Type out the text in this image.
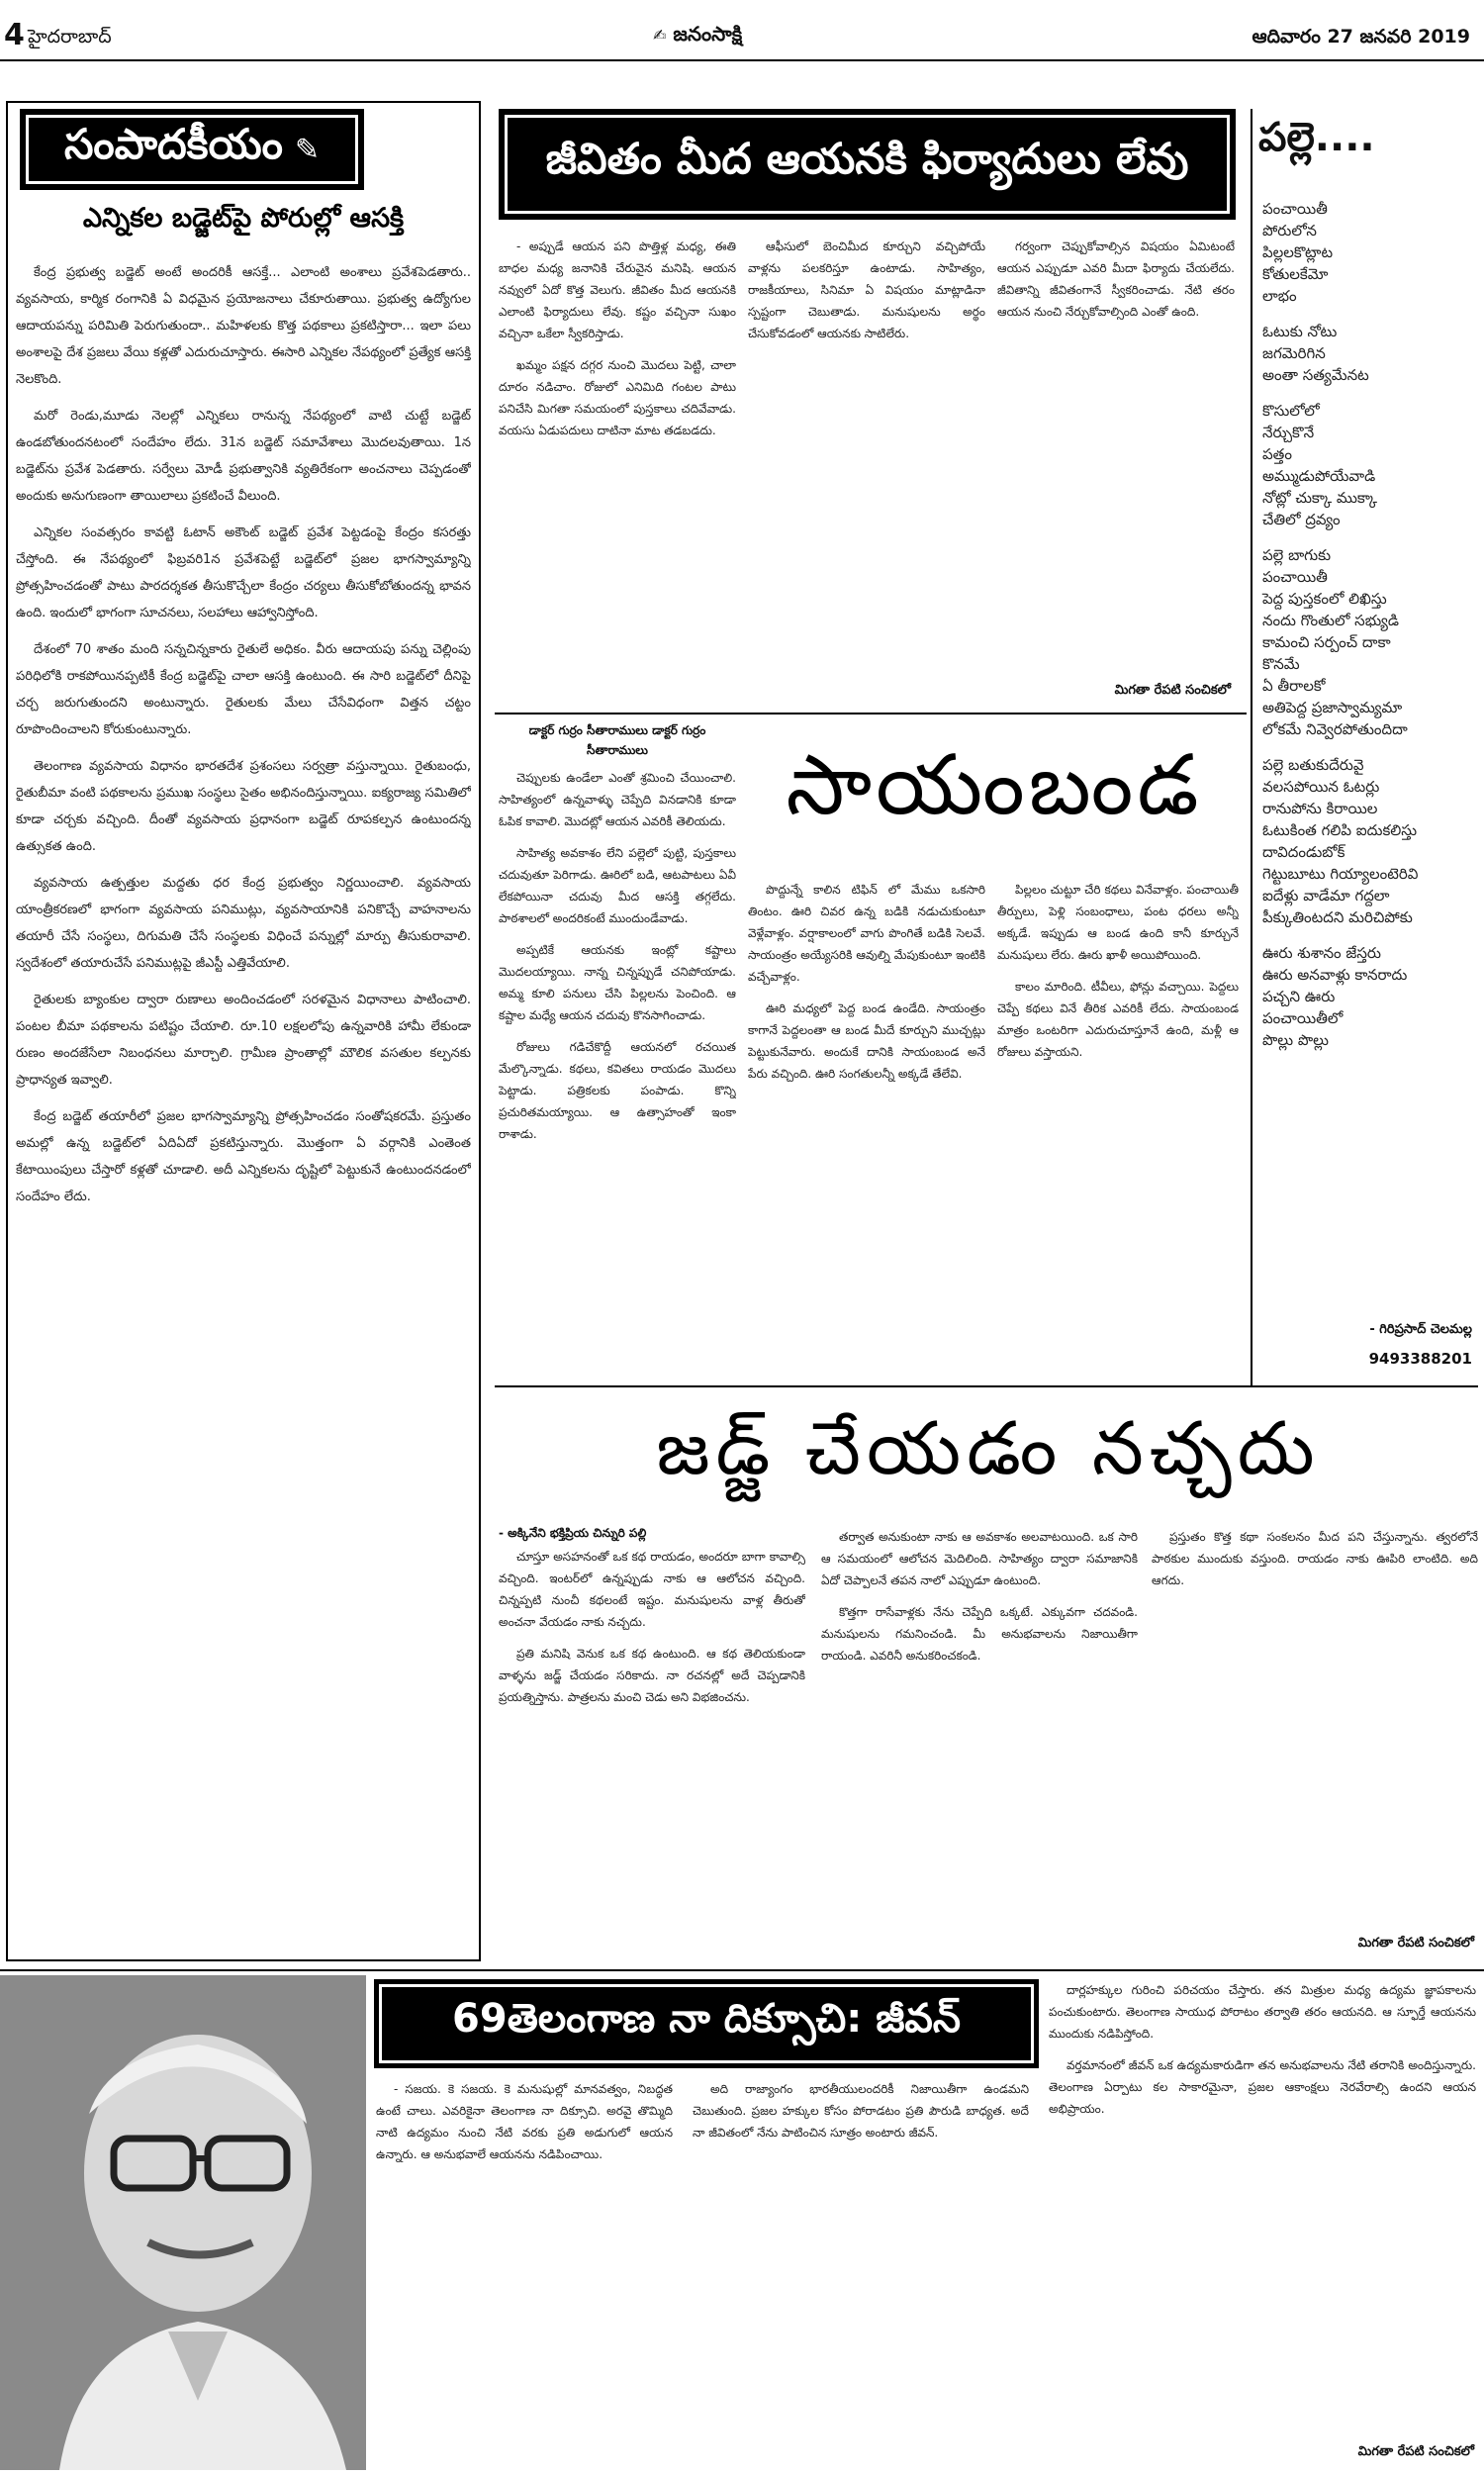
4 హైదరాబాద్	✍ జనంసాక్షి	ఆదివారం 27 జనవరి 2019
సంపాదకీయం ✎
ఎన్నికల బడ్జెట్‌పై పోరుల్లో ఆసక్తి

కేంద్ర ప్రభుత్వ బడ్జెట్ అంటే అందరికీ ఆసక్తే... ఎలాంటి అంశాలు ప్రవేశపెడతారు.. వ్యవసాయ, కార్మిక రంగానికి ఏ విధమైన ప్రయోజనాలు చేకూరుతాయి. ప్రభుత్వ ఉద్యోగుల ఆదాయపన్ను పరిమితి పెరుగుతుందా.. మహిళలకు కొత్త పథకాలు ప్రకటిస్తారా... ఇలా పలు అంశాలపై దేశ ప్రజలు వేయి కళ్లతో ఎదురుచూస్తారు. ఈసారి ఎన్నికల నేపథ్యంలో ప్రత్యేక ఆసక్తి నెలకొంది.

మరో రెండు,మూడు నెలల్లో ఎన్నికలు రానున్న నేపథ్యంలో వాటి చుట్టే బడ్జెట్ ఉండబోతుందనటంలో సందేహం లేదు. 31న బడ్జెట్ సమావేశాలు మొదలవుతాయి. 1న బడ్జెట్‌ను ప్రవేశ పెడతారు. సర్వేలు మోడీ ప్రభుత్వానికి వ్యతిరేకంగా అంచనాలు చెప్పడంతో అందుకు అనుగుణంగా తాయిలాలు ప్రకటించే వీలుంది.

ఎన్నికల సంవత్సరం కావట్టి ఓటాన్ అకౌంట్ బడ్జెట్ ప్రవేశ పెట్టడంపై కేంద్రం కసరత్తు చేస్తోంది. ఈ నేపథ్యంలో ఫిబ్రవరి1న ప్రవేశపెట్టే బడ్జెట్‌లో ప్రజల భాగస్వామ్యాన్ని ప్రోత్సహించడంతో పాటు పారదర్శకత తీసుకొచ్చేలా కేంద్రం చర్యలు తీసుకోబోతుందన్న భావన ఉంది. ఇందులో భాగంగా సూచనలు, సలహాలు ఆహ్వానిస్తోంది.

దేశంలో 70 శాతం మంది సన్నచిన్నకారు రైతులే అధికం. వీరు ఆదాయపు పన్ను చెల్లింపు పరిధిలోకి రాకపోయినప్పటికీ కేంద్ర బడ్జెట్‌పై చాలా ఆసక్తి ఉంటుంది. ఈ సారి బడ్జెట్‌లో దీనిపై చర్చ జరుగుతుందని అంటున్నారు. రైతులకు మేలు చేసేవిధంగా విత్తన చట్టం రూపొందించాలని కోరుకుంటున్నారు.

తెలంగాణ వ్యవసాయ విధానం భారతదేశ ప్రశంసలు సర్వత్రా వస్తున్నాయి. రైతుబంధు, రైతుబీమా వంటి పథకాలను ప్రముఖ సంస్థలు సైతం అభినందిస్తున్నాయి. ఐక్యరాజ్య సమితిలో కూడా చర్చకు వచ్చింది. దీంతో వ్యవసాయ ప్రధానంగా బడ్జెట్ రూపకల్పన ఉంటుందన్న ఉత్సుకత ఉంది.

వ్యవసాయ ఉత్పత్తుల మద్దతు ధర కేంద్ర ప్రభుత్వం నిర్ణయించాలి. వ్యవసాయ యాంత్రీకరణలో భాగంగా వ్యవసాయ పనిముట్లు, వ్యవసాయానికి పనికొచ్చే వాహనాలను తయారీ చేసే సంస్థలు, దిగుమతి చేసే సంస్థలకు విధించే పన్నుల్లో మార్పు తీసుకురావాలి. స్వదేశంలో తయారుచేసే పనిముట్లపై జీఎస్టీ ఎత్తివేయాలి.

రైతులకు బ్యాంకుల ద్వారా రుణాలు అందించడంలో సరళమైన విధానాలు పాటించాలి. పంటల బీమా పథకాలను పటిష్టం చేయాలి. రూ.10 లక్షలలోపు ఉన్నవారికి హామీ లేకుండా రుణం అందజేసేలా నిబంధనలు మార్చాలి. గ్రామీణ ప్రాంతాల్లో మౌలిక వసతుల కల్పనకు ప్రాధాన్యత ఇవ్వాలి.

కేంద్ర బడ్జెట్ తయారీలో ప్రజల భాగస్వామ్యాన్ని ప్రోత్సహించడం సంతోషకరమే. ప్రస్తుతం అమల్లో ఉన్న బడ్జెట్‌లో ఏదిఏదో ప్రకటిస్తున్నారు. మొత్తంగా ఏ వర్గానికి ఎంతెంత కేటాయింపులు చేస్తారో కళ్లతో చూడాలి. అదీ ఎన్నికలను దృష్టిలో పెట్టుకునే ఉంటుందనడంలో సందేహం లేదు.

జీవితం మీద ఆయనకి ఫిర్యాదులు లేవు

- అప్పుడే ఆయన పని పొత్తిళ్ల మధ్య, ఈతి బాధల మధ్య జనానికి చేరువైన మనిషి. ఆయన నవ్వులో ఏదో కొత్త వెలుగు. జీవితం మీద ఆయనకి ఎలాంటి ఫిర్యాదులు లేవు. కష్టం వచ్చినా సుఖం వచ్చినా ఒకేలా స్వీకరిస్తాడు.

ఖమ్మం పక్షన దగ్గర నుంచి మొదలు పెట్టి, చాలా దూరం నడిచాం. రోజులో ఎనిమిది గంటల పాటు పనిచేసి మిగతా సమయంలో పుస్తకాలు చదివేవాడు. వయసు ఏడుపదులు దాటినా మాట తడబడదు.

ఆఫీసులో బెంచిమీద కూర్చుని వచ్చిపోయే వాళ్లను పలకరిస్తూ ఉంటాడు. సాహిత్యం, రాజకీయాలు, సినిమా ఏ విషయం మాట్లాడినా స్పష్టంగా చెబుతాడు. మనుషులను అర్థం చేసుకోవడంలో ఆయనకు సాటిలేరు.

గర్వంగా చెప్పుకోవాల్సిన విషయం ఏమిటంటే ఆయన ఎప్పుడూ ఎవరి మీదా ఫిర్యాదు చేయలేదు. జీవితాన్ని జీవితంగానే స్వీకరించాడు. నేటి తరం ఆయన నుంచి నేర్చుకోవాల్సింది ఎంతో ఉంది.

మిగతా రేపటి సంచికలో
పల్లె....
పంచాయితీ
పోరులోన
పిల్లలకొట్లాట
కోతులకేమో
లాభం
ఓటుకు నోటు
జగమెరిగిన
అంతా సత్యమేనట
కొసులోలో
నేర్చుకొనే
పత్తం
అమ్ముడుపోయేవాడి
నోట్లో చుక్కా ముక్కా
చేతిలో ద్రవ్యం
పల్లె బాగుకు
పంచాయితీ
పెద్ద పుస్తకంలో లిఖిస్తు
నందు గొంతులో సభ్యుడి
కామంచి సర్పంచ్ దాకా
కొనమే
ఏ తీరాలకో
అతిపెద్ద ప్రజాస్వామ్యమా
లోకమే నివ్వెరపోతుందిదా
పల్లె బతుకుదేరువై
వలసపోయిన ఓటర్లు
రానుపోను కిరాయిల
ఓటుకింత గలిపి ఐదుకలిస్తు
దావిదండుబోక్
గెట్టుబూటు గియ్యాలంటెరివి
ఐదేళ్లు వాడేమా గద్దలా
పీక్కుతింటదని మరిచిపోకు
ఊరు శుశానం జేస్తరు
ఊరు అనవాళ్లు కానరాదు
పచ్చని ఊరు
పంచాయితీలో
పొల్లు పొల్లు
- గిరిప్రసాద్ చెలమల్ల
9493388201
డాక్టర్ గుర్రం సీతారాములు డాక్టర్ గుర్రం సీతారాములు

చెప్పులకు ఉండేలా ఎంతో శ్రమించి చేయించాలి. సాహిత్యంలో ఉన్నవాళ్ళు చెప్పేది వినడానికి కూడా ఓపిక కావాలి. మొదట్లో ఆయన ఎవరికీ తెలియదు.

సాహిత్య అవకాశం లేని పల్లెలో పుట్టి, పుస్తకాలు చదువుతూ పెరిగాడు. ఊరిలో బడి, ఆటపాటలు ఏవీ లేకపోయినా చదువు మీద ఆసక్తి తగ్గలేదు. పాఠశాలలో అందరికంటే ముందుండేవాడు.

అప్పటికే ఆయనకు ఇంట్లో కష్టాలు మొదలయ్యాయి. నాన్న చిన్నప్పుడే చనిపోయాడు. అమ్మ కూలి పనులు చేసి పిల్లలను పెంచింది. ఆ కష్టాల మధ్యే ఆయన చదువు కొనసాగించాడు.

రోజులు గడిచేకొద్దీ ఆయనలో రచయిత మేల్కొన్నాడు. కథలు, కవితలు రాయడం మొదలు పెట్టాడు. పత్రికలకు పంపాడు. కొన్ని ప్రచురితమయ్యాయి. ఆ ఉత్సాహంతో ఇంకా రాశాడు.

సాయంబండ

పొద్దున్నే కాలిన టిఫిన్ లో మేము ఒకసారి తింటం. ఊరి చివర ఉన్న బడికి నడుచుకుంటూ వెళ్లేవాళ్లం. వర్షాకాలంలో వాగు పొంగితే బడికి సెలవే. సాయంత్రం అయ్యేసరికి ఆవుల్ని మేపుకుంటూ ఇంటికి వచ్చేవాళ్లం.

ఊరి మధ్యలో పెద్ద బండ ఉండేది. సాయంత్రం కాగానే పెద్దలంతా ఆ బండ మీదే కూర్చుని ముచ్చట్లు పెట్టుకునేవారు. అందుకే దానికి సాయంబండ అనే పేరు వచ్చింది. ఊరి సంగతులన్నీ అక్కడే తేలేవి.

పిల్లలం చుట్టూ చేరి కథలు వినేవాళ్లం. పంచాయితీ తీర్పులు, పెళ్లి సంబంధాలు, పంట ధరలు అన్నీ అక్కడే. ఇప్పుడు ఆ బండ ఉంది కానీ కూర్చునే మనుషులు లేరు. ఊరు ఖాళీ అయిపోయింది.

కాలం మారింది. టీవీలు, ఫోన్లు వచ్చాయి. పెద్దలు చెప్పే కథలు వినే తీరిక ఎవరికీ లేదు. సాయంబండ మాత్రం ఒంటరిగా ఎదురుచూస్తూనే ఉంది, మళ్లీ ఆ రోజులు వస్తాయని.

జడ్జ్ చేయడం నచ్చదు
- అక్కినేని భక్తిప్రియ చిన్నురి పల్లి

చూస్తూ అసహనంతో ఒక కథ రాయడం, అందరూ బాగా కావాల్సి వచ్చింది. ఇంటర్‌లో ఉన్నప్పుడు నాకు ఆ ఆలోచన వచ్చింది. చిన్నప్పటి నుంచీ కథలంటే ఇష్టం. మనుషులను వాళ్ల తీరుతో అంచనా వేయడం నాకు నచ్చదు.

ప్రతి మనిషి వెనుక ఒక కథ ఉంటుంది. ఆ కథ తెలియకుండా వాళ్ళను జడ్జ్ చేయడం సరికాదు. నా రచనల్లో అదే చెప్పడానికి ప్రయత్నిస్తాను. పాత్రలను మంచి చెడు అని విభజించను.

తర్వాత అనుకుంటా నాకు ఆ అవకాశం అలవాటయింది. ఒక సారి ఆ సమయంలో ఆలోచన మెదిలింది. సాహిత్యం ద్వారా సమాజానికి ఏదో చెప్పాలనే తపన నాలో ఎప్పుడూ ఉంటుంది.

కొత్తగా రాసేవాళ్లకు నేను చెప్పేది ఒక్కటే. ఎక్కువగా చదవండి. మనుషులను గమనించండి. మీ అనుభవాలను నిజాయితీగా రాయండి. ఎవరినీ అనుకరించకండి.

ప్రస్తుతం కొత్త కథా సంకలనం మీద పని చేస్తున్నాను. త్వరలోనే పాఠకుల ముందుకు వస్తుంది. రాయడం నాకు ఊపిరి లాంటిది. అది ఆగదు.

మిగతా రేపటి సంచికలో
69తెలంగాణ నా దిక్సూచి: జీవన్

- సజయ. కె సజయ. కె మనుషుల్లో మానవత్వం, నిబద్ధత ఉంటే చాలు. ఎవరికైనా తెలంగాణ నా దిక్సూచి. అరవై తొమ్మిది నాటి ఉద్యమం నుంచి నేటి వరకు ప్రతి అడుగులో ఆయన ఉన్నారు. ఆ అనుభవాలే ఆయనను నడిపించాయి.

అది రాజ్యాంగం భారతీయులందరికీ నిజాయితీగా ఉండమని చెబుతుంది. ప్రజల హక్కుల కోసం పోరాడటం ప్రతి పౌరుడి బాధ్యత. అదే నా జీవితంలో నేను పాటించిన సూత్రం అంటారు జీవన్.

దార్లహక్కుల గురించి పరిచయం చేస్తారు. తన మిత్రుల మధ్య ఉద్యమ జ్ఞాపకాలను పంచుకుంటారు. తెలంగాణ సాయుధ పోరాటం తర్వాతి తరం ఆయనది. ఆ స్ఫూర్తే ఆయనను ముందుకు నడిపిస్తోంది.

వర్తమానంలో జీవన్ ఒక ఉద్యమకారుడిగా తన అనుభవాలను నేటి తరానికి అందిస్తున్నారు. తెలంగాణ ఏర్పాటు కల సాకారమైనా, ప్రజల ఆకాంక్షలు నెరవేరాల్సి ఉందని ఆయన అభిప్రాయం.

మిగతా రేపటి సంచికలో
